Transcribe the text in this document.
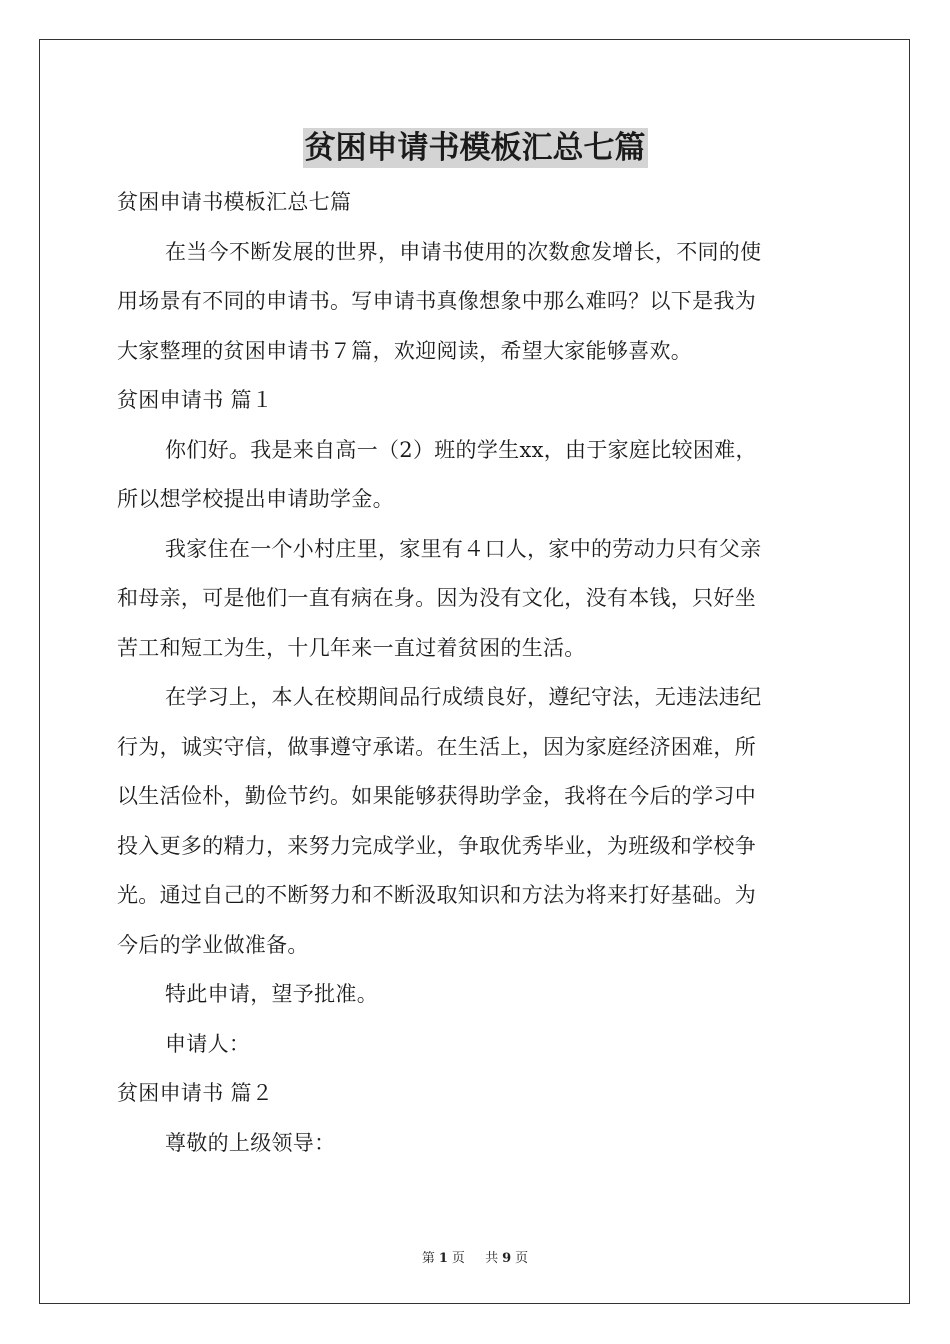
贫困申请书模板汇总七篇
贫困申请书模板汇总七篇
在当今不断发展的世界，申请书使用的次数愈发增长，不同的使
用场景有不同的申请书。写申请书真像想象中那么难吗？以下是我为
大家整理的贫困申请书７篇，欢迎阅读，希望大家能够喜欢。
贫困申请书 篇１
你们好。我是来自高一（2）班的学生xx，由于家庭比较困难，
所以想学校提出申请助学金。
我家住在一个小村庄里，家里有４口人，家中的劳动力只有父亲
和母亲，可是他们一直有病在身。因为没有文化，没有本钱，只好坐
苦工和短工为生，十几年来一直过着贫困的生活。
在学习上，本人在校期间品行成绩良好，遵纪守法，无违法违纪
行为，诚实守信，做事遵守承诺。在生活上，因为家庭经济困难，所
以生活俭朴，勤俭节约。如果能够获得助学金，我将在今后的学习中
投入更多的精力，来努力完成学业，争取优秀毕业，为班级和学校争
光。通过自己的不断努力和不断汲取知识和方法为将来打好基础。为
今后的学业做准备。
特此申请，望予批准。
申请人：
贫困申请书 篇２
尊敬的上级领导：
第 1 页 共 9 页
